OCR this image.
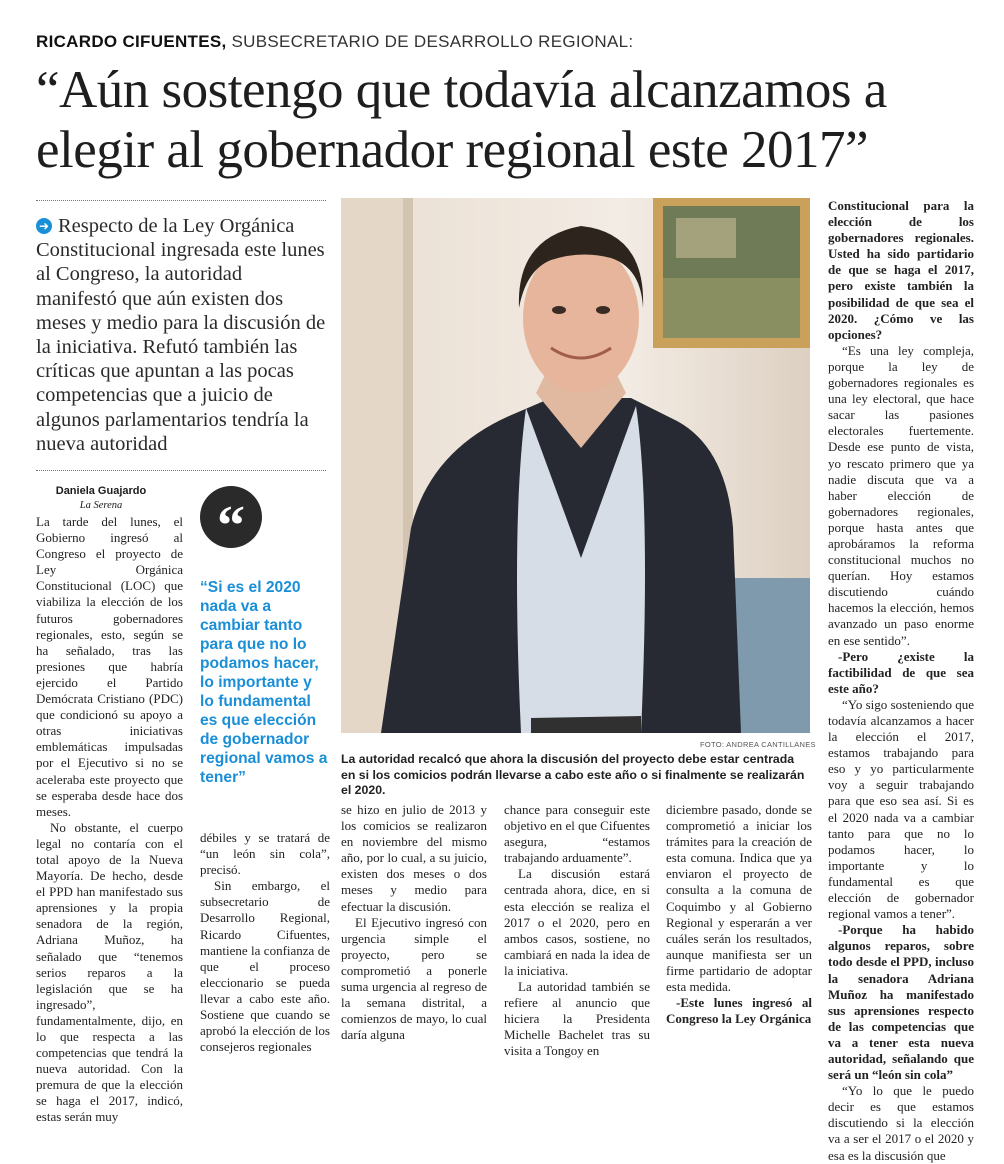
RICARDO CIFUENTES, SUBSECRETARIO DE DESARROLLO REGIONAL:
“Aún sostengo que todavía alcanzamos a elegir al gobernador regional este 2017”
➜ Respecto de la Ley Orgánica Constitucional ingresada este lunes al Congreso, la autoridad manifestó que aún existen dos meses y medio para la discusión de la iniciativa. Refutó también las críticas que apuntan a las pocas competencias que a juicio de algunos parlamentarios tendría la nueva autoridad
Daniela Guajardo
La Serena

La tarde del lunes, el Gobierno ingresó al Congreso el proyecto de Ley Orgánica Constitucional (LOC) que viabiliza la elección de los futuros gobernadores regionales, esto, según se ha señalado, tras las presiones que habría ejercido el Partido Demócrata Cristiano (PDC) que condicionó su apoyo a otras iniciativas emblemáticas impulsadas por el Ejecutivo si no se aceleraba este proyecto que se esperaba desde hace dos meses.

No obstante, el cuerpo legal no contaría con el total apoyo de la Nueva Mayoría. De hecho, desde el PPD han manifestado sus aprensiones y la propia senadora de la región, Adriana Muñoz, ha señalado que “tenemos serios reparos a la legislación que se ha ingresado”, fundamentalmente, dijo, en lo que respecta a las competencias que tendrá la nueva autoridad. Con la premura de que la elección se haga el 2017, indicó, estas serán muy

“
“Si es el 2020 nada va a cambiar tanto para que no lo podamos hacer, lo importante y lo fundamental es que elección de gobernador regional vamos a tener”

débiles y se tratará de “un león sin cola”, precisó.

Sin embargo, el subsecretario de Desarrollo Regional, Ricardo Cifuentes, mantiene la confianza de que el proceso eleccionario se pueda llevar a cabo este año. Sostiene que cuando se aprobó la elección de los consejeros regionales

FOTO: ANDREA CANTILLANES
La autoridad recalcó que ahora la discusión del proyecto debe estar centrada en si los comicios podrán llevarse a cabo este año o si finalmente se realizarán el 2020.

se hizo en julio de 2013 y los comicios se realizaron en noviembre del mismo año, por lo cual, a su juicio, existen dos meses o dos meses y medio para efectuar la discusión.

El Ejecutivo ingresó con urgencia simple el proyecto, pero se comprometió a ponerle suma urgencia al regreso de la semana distrital, a comienzos de mayo, lo cual daría alguna

chance para conseguir este objetivo en el que Cifuentes asegura, “estamos trabajando arduamente”.

La discusión estará centrada ahora, dice, en si esta elección se realiza el 2017 o el 2020, pero en ambos casos, sostiene, no cambiará en nada la idea de la iniciativa.

La autoridad también se refiere al anuncio que hiciera la Presidenta Michelle Bachelet tras su visita a Tongoy en

diciembre pasado, donde se comprometió a iniciar los trámites para la creación de esta comuna. Indica que ya enviaron el proyecto de consulta a la comuna de Coquimbo y al Gobierno Regional y esperarán a ver cuáles serán los resultados, aunque manifiesta ser un firme partidario de adoptar esta medida.

-Este lunes ingresó al Congreso la Ley Orgánica

Constitucional para la elección de los gobernadores regionales. Usted ha sido partidario de que se haga el 2017, pero existe también la posibilidad de que sea el 2020. ¿Cómo ve las opciones?

“Es una ley compleja, porque la ley de gobernadores regionales es una ley electoral, que hace sacar las pasiones electorales fuertemente. Desde ese punto de vista, yo rescato primero que ya nadie discuta que va a haber elección de gobernadores regionales, porque hasta antes que aprobáramos la reforma constitucional muchos no querían. Hoy estamos discutiendo cuándo hacemos la elección, hemos avanzado un paso enorme en ese sentido”.

-Pero ¿existe la factibilidad de que sea este año?

“Yo sigo sosteniendo que todavía alcanzamos a hacer la elección el 2017, estamos trabajando para eso y yo particularmente voy a seguir trabajando para que eso sea así. Si es el 2020 nada va a cambiar tanto para que no lo podamos hacer, lo importante y lo fundamental es que elección de gobernador regional vamos a tener”.

-Porque ha habido algunos reparos, sobre todo desde el PPD, incluso la senadora Adriana Muñoz ha manifestado sus aprensiones respecto de las competencias que va a tener esta nueva autoridad, señalando que será un “león sin cola”

“Yo lo que le puedo decir es que estamos discutiendo si la elección va a ser el 2017 o el 2020 y esa es la discusión que
